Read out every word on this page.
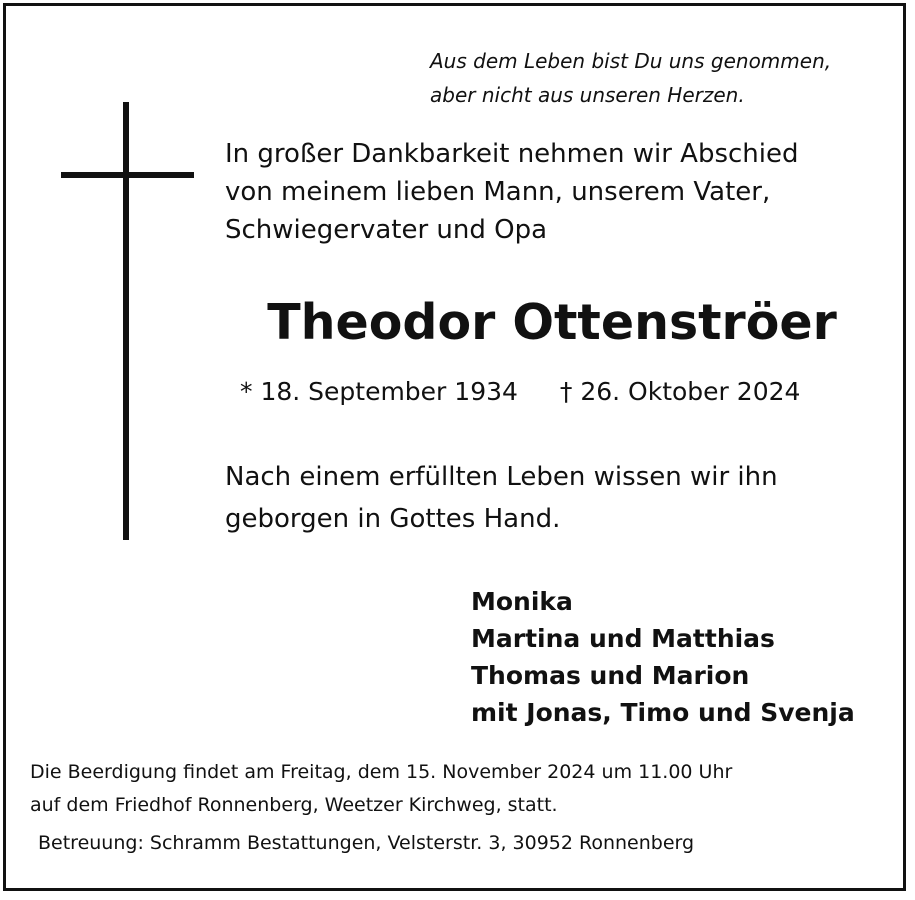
Aus dem Leben bist Du uns genommen,
aber nicht aus unseren Herzen.
In großer Dankbarkeit nehmen wir Abschied
von meinem lieben Mann, unserem Vater,
Schwiegervater und Opa
Theodor Ottenströer
* 18. September 1934 † 26. Oktober 2024
Nach einem erfüllten Leben wissen wir ihn
geborgen in Gottes Hand.
Monika
Martina und Matthias
Thomas und Marion
mit Jonas, Timo und Svenja
Die Beerdigung findet am Freitag, dem 15. November 2024 um 11.00 Uhr
auf dem Friedhof Ronnenberg, Weetzer Kirchweg, statt.
Betreuung: Schramm Bestattungen, Velsterstr. 3, 30952 Ronnenberg
